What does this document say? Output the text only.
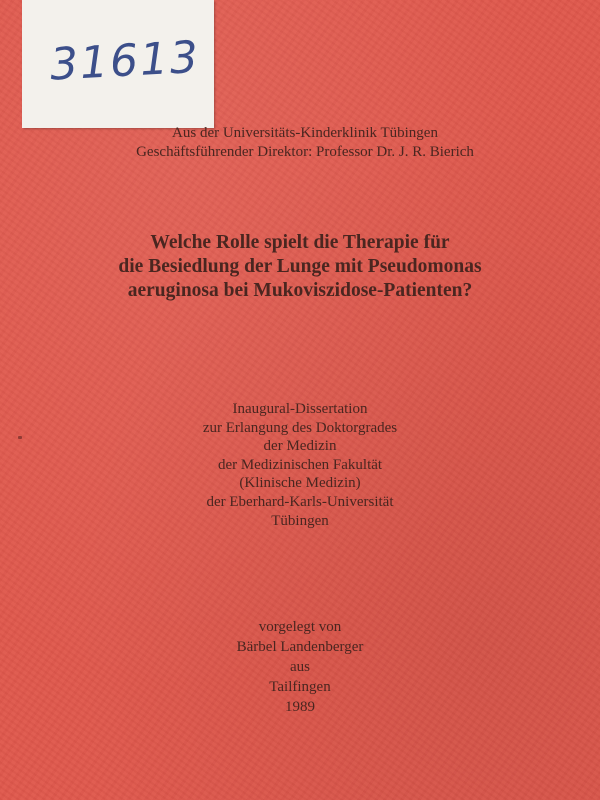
31613
Aus der Universitäts-Kinderklinik Tübingen
Geschäftsführender Direktor: Professor Dr. J. R. Bierich
Welche Rolle spielt die Therapie für
die Besiedlung der Lunge mit Pseudomonas
aeruginosa bei Mukoviszidose-Patienten?
Inaugural-Dissertation
zur Erlangung des Doktorgrades
der Medizin
der Medizinischen Fakultät
(Klinische Medizin)
der Eberhard-Karls-Universität
Tübingen
vorgelegt von
Bärbel Landenberger
aus
Tailfingen
1989
